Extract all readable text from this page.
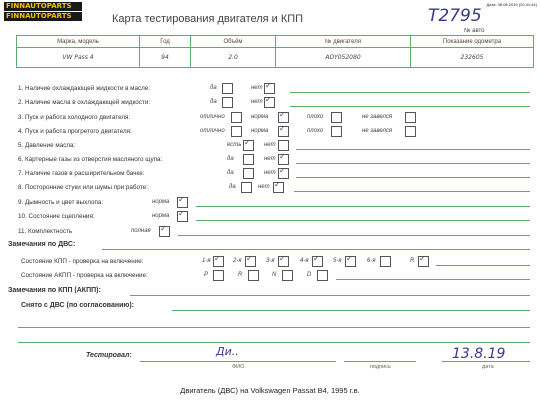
FINNAUTOPARTS
FINNAUTOPARTS
Дата: 08.08.2019 (20:41:44)
Карта тестирования двигателя и КПП	T2795
№ авто
Марка, модель	Год	Объём	№ двигателя	Показание одометра
VW Pass 4	94	2.0	ADY052080	232605
1. Наличие охлаждающей жидкости в масле:	да	нет ✓
2. Наличие масла в охлаждающей жидкости:	да	нет ✓
3. Пуск и работа холодного двигателя:	отлично	норма ✓	плохо	не завелся
4. Пуск и работа прогретого двигателя:	отлично	норма ✓	плохо	не завелся
5. Давление масла:	есть ✓ нет
6. Картерные газы из отверстия масляного щупа:	да	нет ✓
7. Наличие газов в расширительном бачке:	да	нет ✓
8. Посторонние стуки или шумы при работе:	да	нет ✓
9. Дымность и цвет выхлопа:	норма ✓
10. Состояние сцепления:	норма ✓
11. Комплектность	полная ✓
Замечания по ДВС:
Состояние КПП - проверка на включение:	1-я ✓ 2-я ✓ 3-я ✓ 4-я ✓ 5-я ✓ 6-я	R ✓
Состояние АКПП - проверка на включение:	P	R	N	D
Замечания по КПП (АКПП):
Снято с ДВС (по согласованию):
Тестировал:	Ди..	13.8.19
ФИО	подпись	дата
Двигатель (ДВС) на Volkswagen Passat B4, 1995 г.в.
